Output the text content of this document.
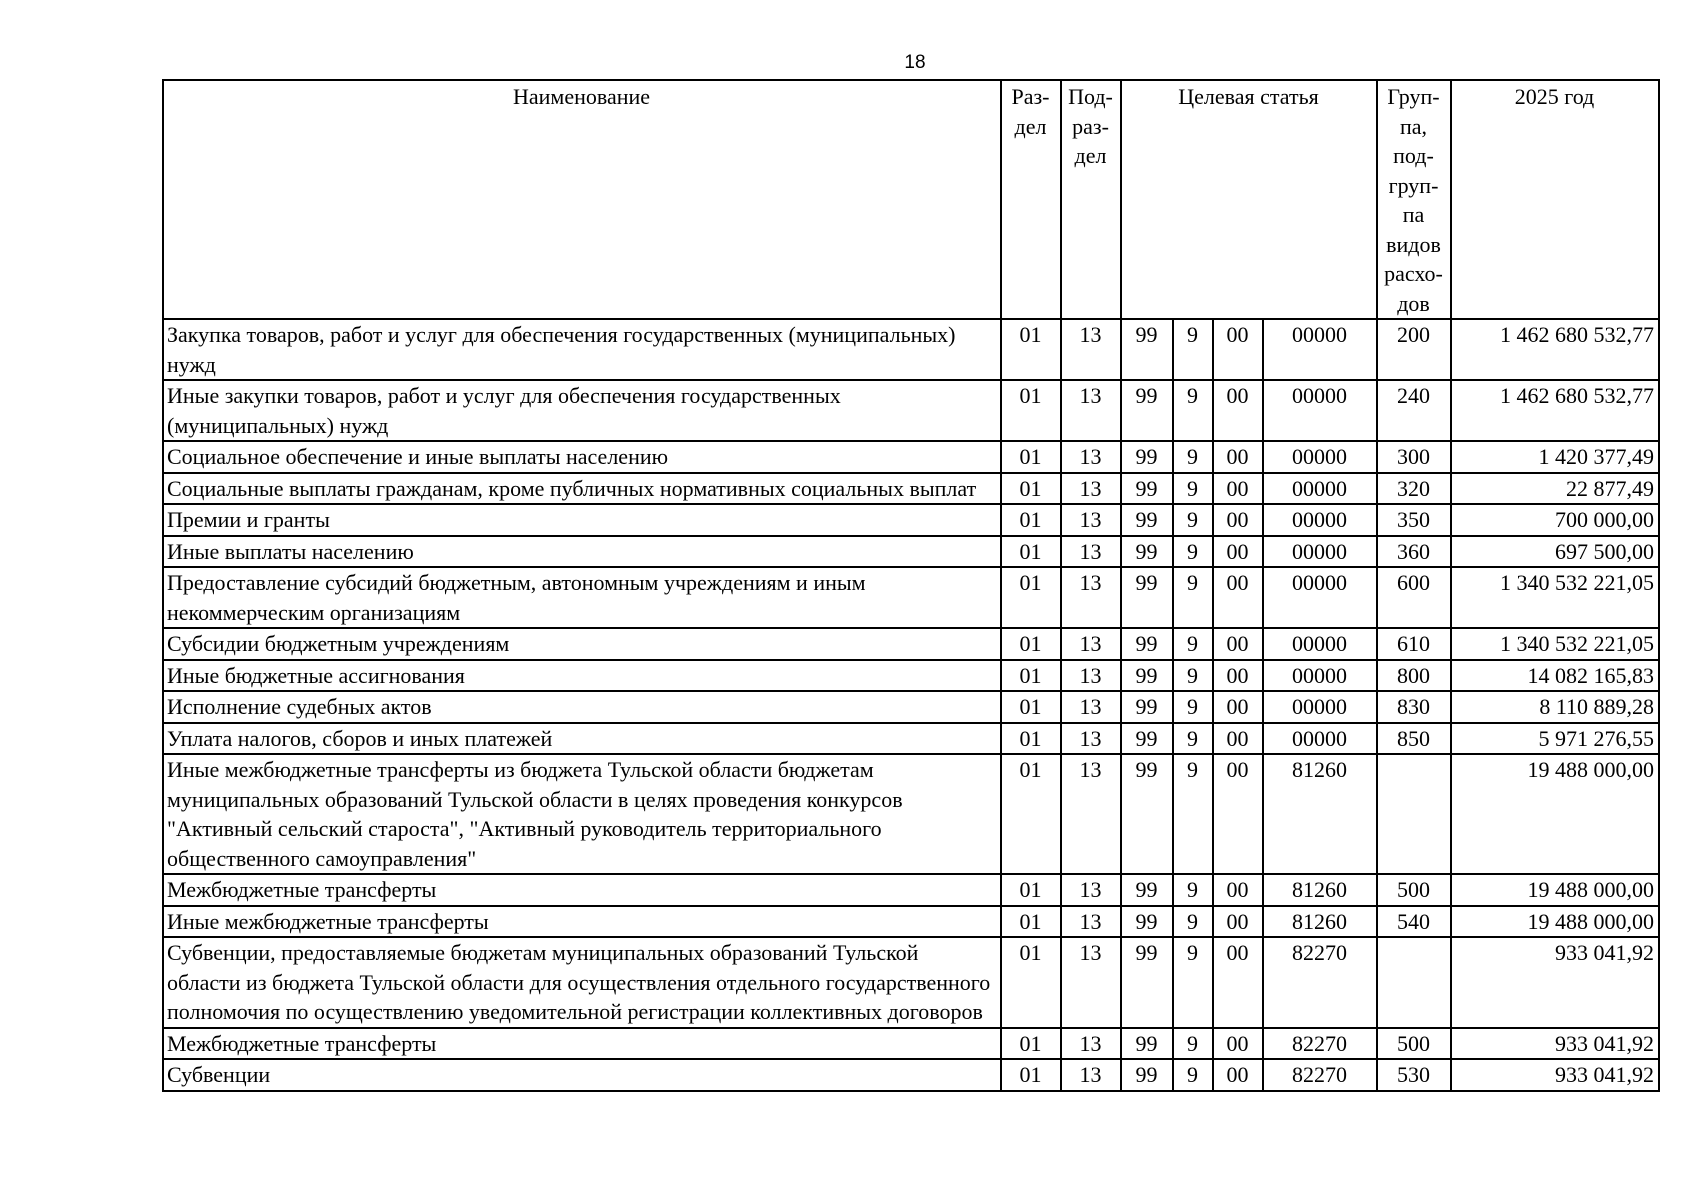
18
Наименование	Раз- дел	Под- раз- дел	Целевая статья				Груп- па, под- груп- па видов расхо- дов	2025 год
Закупка товаров, работ и услуг для обеспечения государственных (муниципальных) нужд	01	13	99	9	00	00000	200	1 462 680 532,77
Иные закупки товаров, работ и услуг для обеспечения государственных (муниципальных) нужд	01	13	99	9	00	00000	240	1 462 680 532,77
Социальное обеспечение и иные выплаты населению	01	13	99	9	00	00000	300	1 420 377,49
Социальные выплаты гражданам, кроме публичных нормативных социальных выплат	01	13	99	9	00	00000	320	22 877,49
Премии и гранты	01	13	99	9	00	00000	350	700 000,00
Иные выплаты населению	01	13	99	9	00	00000	360	697 500,00
Предоставление субсидий бюджетным, автономным учреждениям и иным некоммерческим организациям	01	13	99	9	00	00000	600	1 340 532 221,05
Субсидии бюджетным учреждениям	01	13	99	9	00	00000	610	1 340 532 221,05
Иные бюджетные ассигнования	01	13	99	9	00	00000	800	14 082 165,83
Исполнение судебных актов	01	13	99	9	00	00000	830	8 110 889,28
Уплата налогов, сборов и иных платежей	01	13	99	9	00	00000	850	5 971 276,55
Иные межбюджетные трансферты из бюджета Тульской области бюджетам муниципальных образований Тульской области в целях проведения конкурсов "Активный сельский староста", "Активный руководитель территориального общественного самоуправления"	01	13	99	9	00	81260		19 488 000,00
Межбюджетные трансферты	01	13	99	9	00	81260	500	19 488 000,00
Иные межбюджетные трансферты	01	13	99	9	00	81260	540	19 488 000,00
Субвенции, предоставляемые бюджетам муниципальных образований Тульской области из бюджета Тульской области для осуществления отдельного государственного полномочия по осуществлению уведомительной регистрации коллективных договоров	01	13	99	9	00	82270		933 041,92
Межбюджетные трансферты	01	13	99	9	00	82270	500	933 041,92
Субвенции	01	13	99	9	00	82270	530	933 041,92
